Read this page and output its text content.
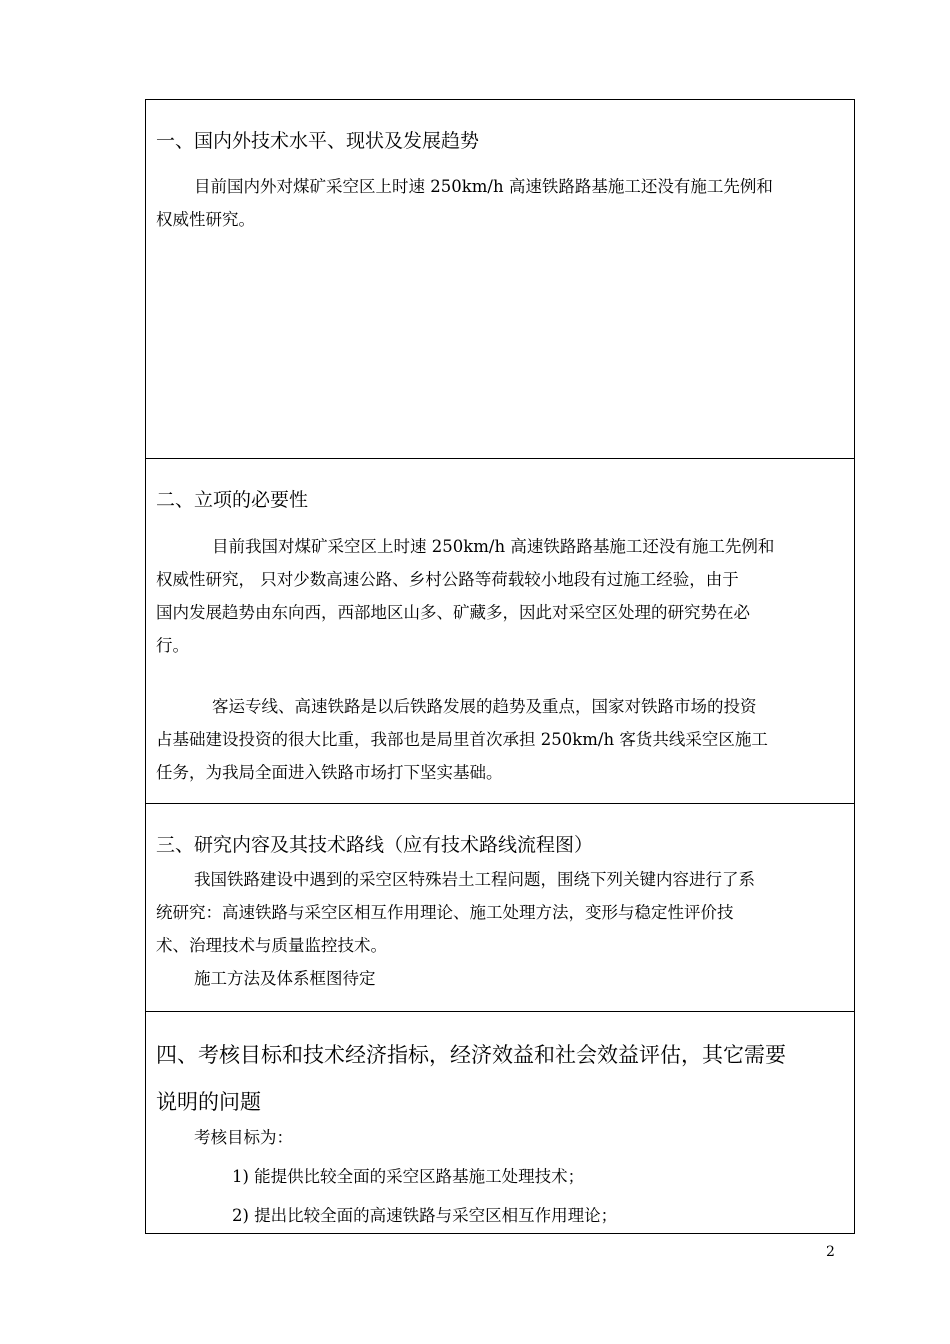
一、国内外技术水平、现状及发展趋势
目前国内外对煤矿采空区上时速 250km/h 高速铁路路基施工还没有施工先例和
权威性研究。
二、立项的必要性
目前我国对煤矿采空区上时速 250km/h 高速铁路路基施工还没有施工先例和
权威性研究， 只对少数高速公路、乡村公路等荷载较小地段有过施工经验，由于
国内发展趋势由东向西，西部地区山多、矿藏多，因此对采空区处理的研究势在必
行。
客运专线、高速铁路是以后铁路发展的趋势及重点，国家对铁路市场的投资
占基础建设投资的很大比重，我部也是局里首次承担 250km/h 客货共线采空区施工
任务，为我局全面进入铁路市场打下坚实基础。
三、研究内容及其技术路线（应有技术路线流程图）
我国铁路建设中遇到的采空区特殊岩土工程问题，围绕下列关键内容进行了系
统研究：高速铁路与采空区相互作用理论、施工处理方法，变形与稳定性评价技
术、治理技术与质量监控技术。
施工方法及体系框图待定
四、考核目标和技术经济指标，经济效益和社会效益评估，其它需要
说明的问题
考核目标为：
1) 能提供比较全面的采空区路基施工处理技术；
2) 提出比较全面的高速铁路与采空区相互作用理论；
2
